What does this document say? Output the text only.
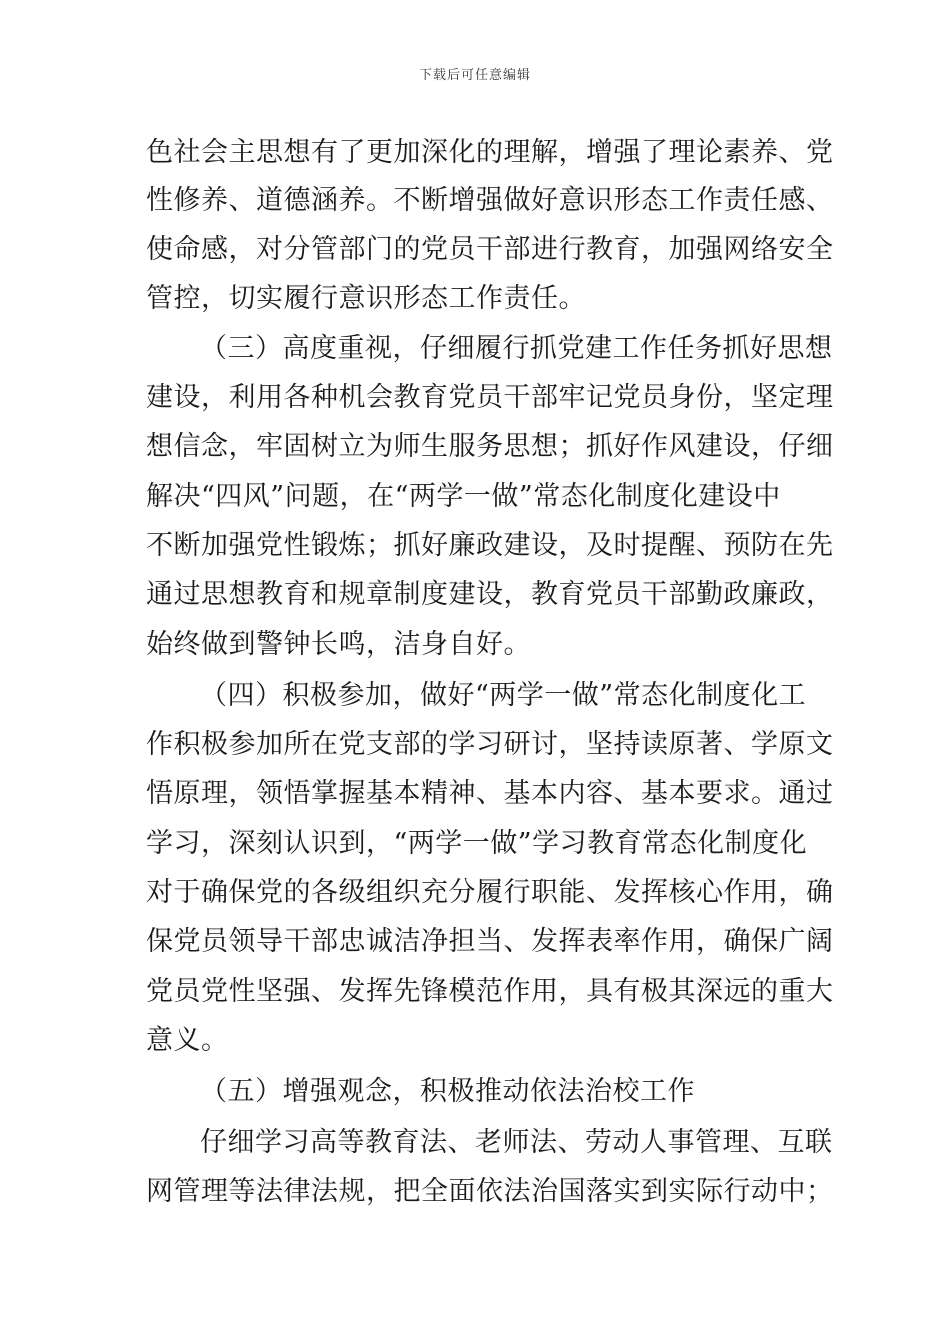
下载后可任意编辑
色社会主思想有了更加深化的理解，增强了理论素养、党
性修养、道德涵养。不断增强做好意识形态工作责任感、
使命感，对分管部门的党员干部进行教育，加强网络安全
管控，切实履行意识形态工作责任。
（三）高度重视，仔细履行抓党建工作任务抓好思想
建设，利用各种机会教育党员干部牢记党员身份，坚定理
想信念，牢固树立为师生服务思想；抓好作风建设，仔细
解决“四风”问题，在“两学一做”常态化制度化建设中
不断加强党性锻炼；抓好廉政建设，及时提醒、预防在先
通过思想教育和规章制度建设，教育党员干部勤政廉政，
始终做到警钟长鸣，洁身自好。
（四）积极参加，做好“两学一做”常态化制度化工
作积极参加所在党支部的学习研讨，坚持读原著、学原文
悟原理，领悟掌握基本精神、基本内容、基本要求。通过
学习，深刻认识到，“两学一做”学习教育常态化制度化
对于确保党的各级组织充分履行职能、发挥核心作用，确
保党员领导干部忠诚洁净担当、发挥表率作用，确保广阔
党员党性坚强、发挥先锋模范作用，具有极其深远的重大
意义。
（五）增强观念，积极推动依法治校工作
仔细学习高等教育法、老师法、劳动人事管理、互联
网管理等法律法规，把全面依法治国落实到实际行动中；
